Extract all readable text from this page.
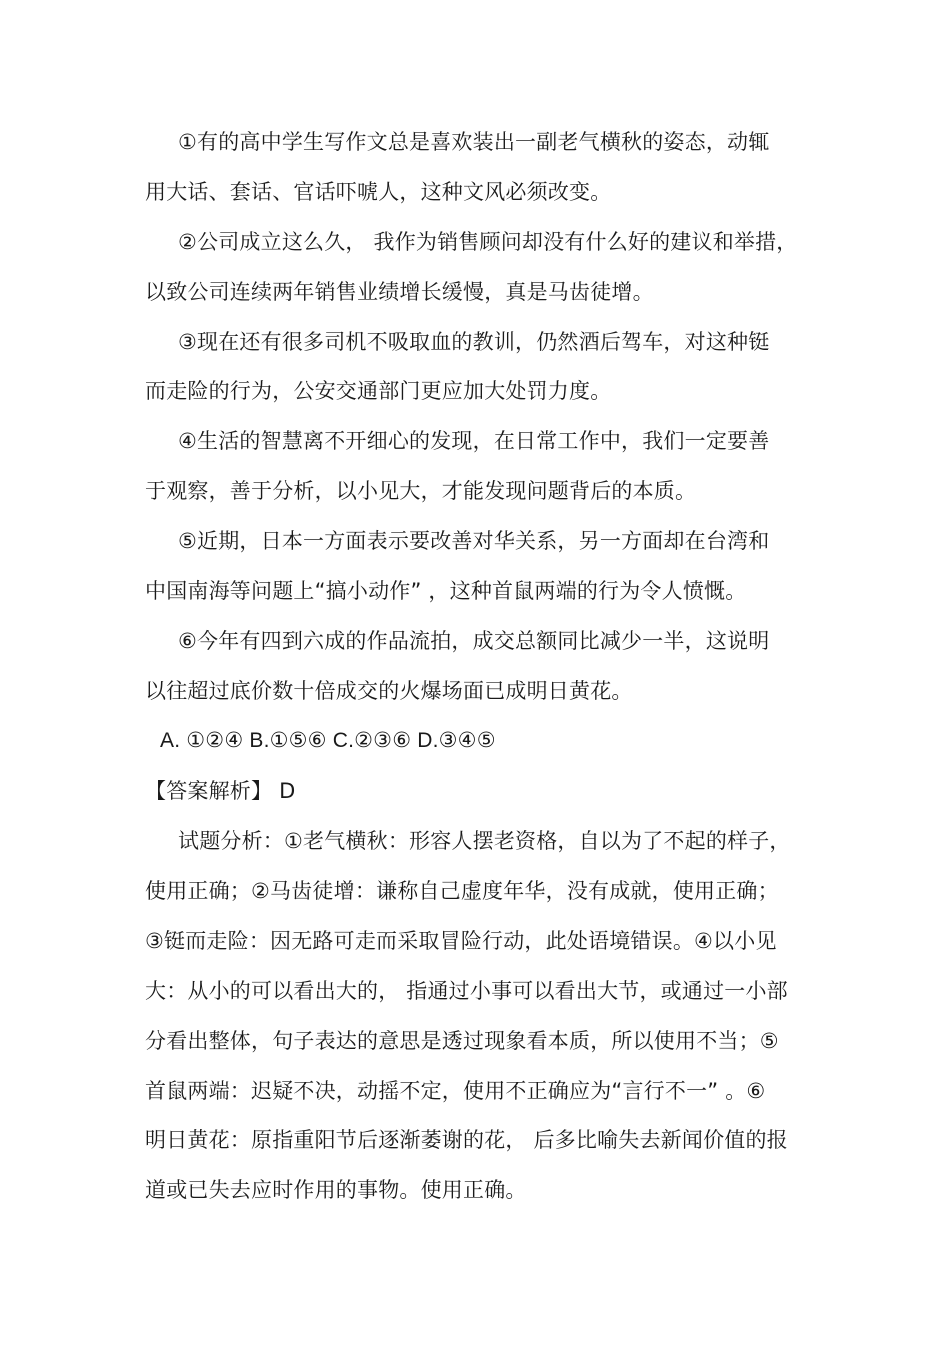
①有的高中学生写作文总是喜欢装出一副老气横秋的姿态，动辄
用大话、套话、官话吓唬人，这种文风必须改变。
②公司成立这么久， 我作为销售顾问却没有什么好的建议和举措，
以致公司连续两年销售业绩增长缓慢，真是马齿徒增。
③现在还有很多司机不吸取血的教训，仍然酒后驾车，对这种铤
而走险的行为，公安交通部门更应加大处罚力度。
④生活的智慧离不开细心的发现，在日常工作中，我们一定要善
于观察，善于分析，以小见大，才能发现问题背后的本质。
⑤近期，日本一方面表示要改善对华关系，另一方面却在台湾和
中国南海等问题上“搞小动作” ，这种首鼠两端的行为令人愤慨。
⑥今年有四到六成的作品流拍，成交总额同比减少一半，这说明
以往超过底价数十倍成交的火爆场面已成明日黄花。
A. ①②④ B.①⑤⑥ C.②③⑥ D.③④⑤
【答案解析】 D
试题分析：①老气横秋：形容人摆老资格，自以为了不起的样子，
使用正确；②马齿徒增：谦称自己虚度年华，没有成就，使用正确；
③铤而走险：因无路可走而采取冒险行动，此处语境错误。④以小见
大：从小的可以看出大的， 指通过小事可以看出大节，或通过一小部
分看出整体，句子表达的意思是透过现象看本质，所以使用不当；⑤
首鼠两端：迟疑不决，动摇不定，使用不正确应为“言行不一” 。⑥
明日黄花：原指重阳节后逐渐萎谢的花， 后多比喻失去新闻价值的报
道或已失去应时作用的事物。使用正确。
